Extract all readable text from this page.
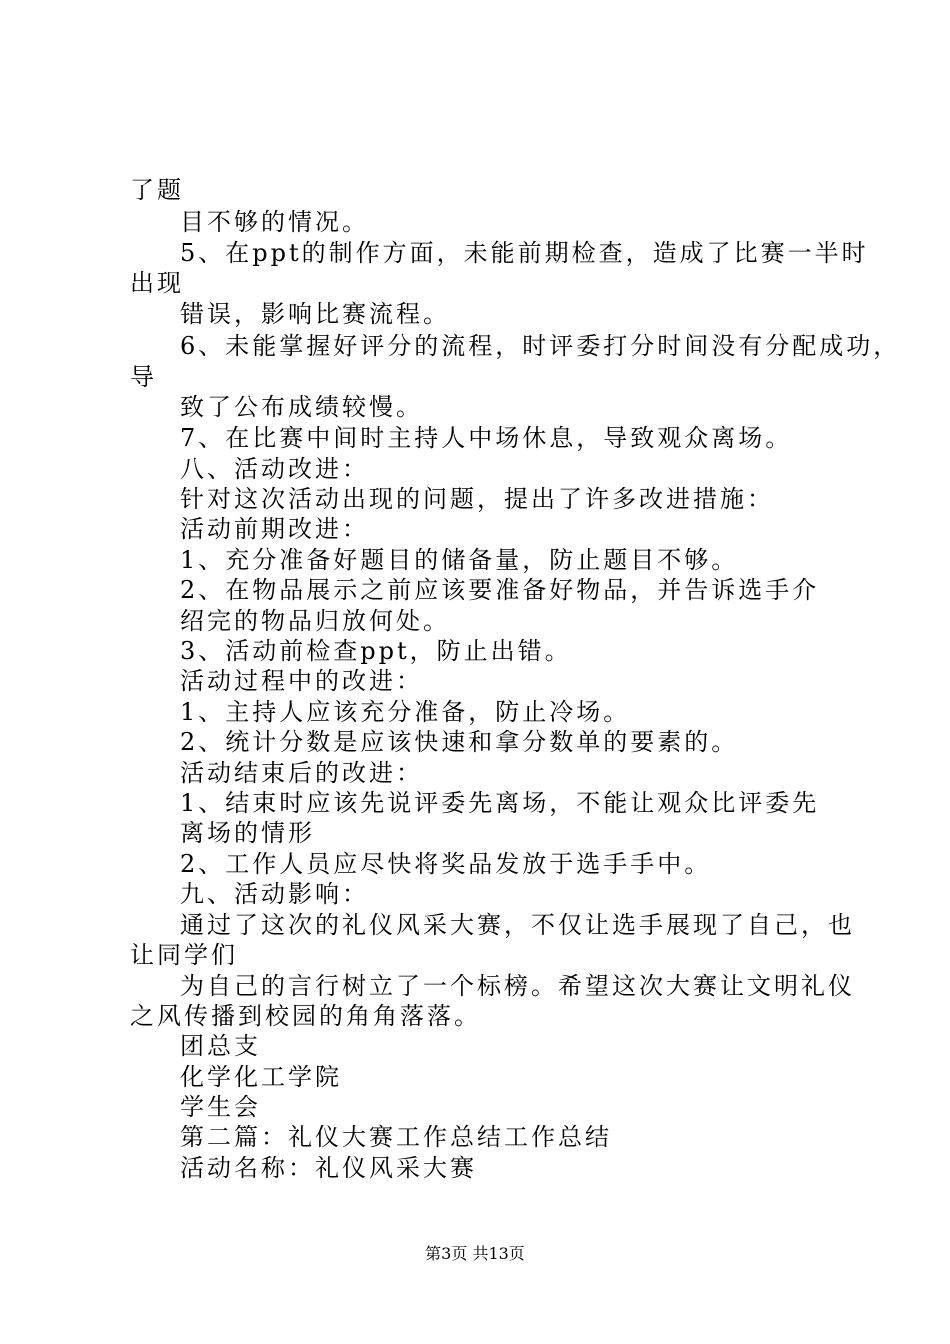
了题
目不够的情况。
5、在ppt的制作方面，未能前期检查，造成了比赛一半时
出现
错误，影响比赛流程。
6、未能掌握好评分的流程，时评委打分时间没有分配成功，
导
致了公布成绩较慢。
7、在比赛中间时主持人中场休息，导致观众离场。
八、活动改进：
针对这次活动出现的问题，提出了许多改进措施：
活动前期改进：
1、充分准备好题目的储备量，防止题目不够。
2、在物品展示之前应该要准备好物品，并告诉选手介
绍完的物品归放何处。
3、活动前检查ppt，防止出错。
活动过程中的改进：
1、主持人应该充分准备，防止冷场。
2、统计分数是应该快速和拿分数单的要素的。
活动结束后的改进：
1、结束时应该先说评委先离场，不能让观众比评委先
离场的情形
2、工作人员应尽快将奖品发放于选手手中。
九、活动影响：
通过了这次的礼仪风采大赛，不仅让选手展现了自己，也
让同学们
为自己的言行树立了一个标榜。希望这次大赛让文明礼仪
之风传播到校园的角角落落。
团总支
化学化工学院
学生会
第二篇：礼仪大赛工作总结工作总结
活动名称：礼仪风采大赛
第3页 共13页
